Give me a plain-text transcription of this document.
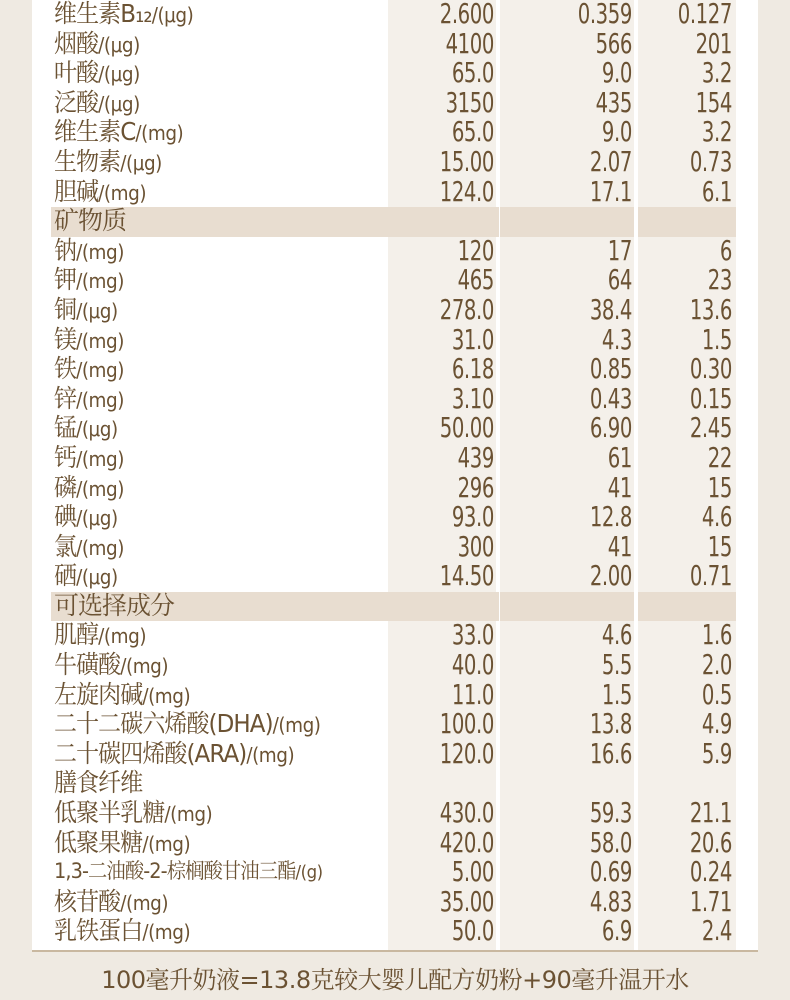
维生素B₁₂/(μg)	2.600	0.359	0.127
烟酸/(μg)	4100	566	201
叶酸/(μg)	65.0	9.0	3.2
泛酸/(μg)	3150	435	154
维生素C/(mg)	65.0	9.0	3.2
生物素/(μg)	15.00	2.07	0.73
胆碱/(mg)	124.0	17.1	6.1
矿物质
钠/(mg)	120	17	6
钾/(mg)	465	64	23
铜/(μg)	278.0	38.4	13.6
镁/(mg)	31.0	4.3	1.5
铁/(mg)	6.18	0.85	0.30
锌/(mg)	3.10	0.43	0.15
锰/(μg)	50.00	6.90	2.45
钙/(mg)	439	61	22
磷/(mg)	296	41	15
碘/(μg)	93.0	12.8	4.6
氯/(mg)	300	41	15
硒/(μg)	14.50	2.00	0.71
可选择成分
肌醇/(mg)	33.0	4.6	1.6
牛磺酸/(mg)	40.0	5.5	2.0
左旋肉碱/(mg)	11.0	1.5	0.5
二十二碳六烯酸(DHA)/(mg)	100.0	13.8	4.9
二十碳四烯酸(ARA)/(mg)	120.0	16.6	5.9
膳食纤维
低聚半乳糖/(mg)	430.0	59.3	21.1
低聚果糖/(mg)	420.0	58.0	20.6
1,3-二油酸-2-棕榈酸甘油三酯/(g)	5.00	0.69	0.24
核苷酸/(mg)	35.00	4.83	1.71
乳铁蛋白/(mg)	50.0	6.9	2.4
100毫升奶液=13.8克较大婴儿配方奶粉+90毫升温开水
